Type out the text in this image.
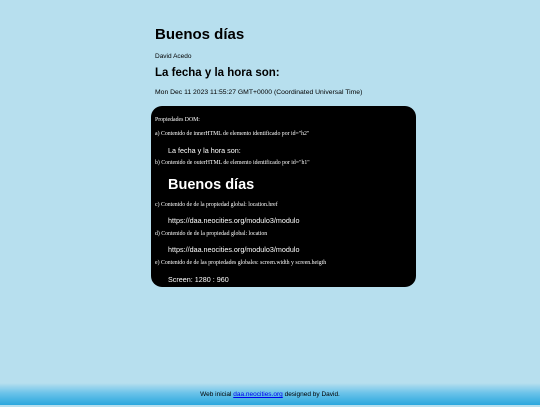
Buenos días
David Acedo
La fecha y la hora son:
Mon Dec 11 2023 11:55:27 GMT+0000 (Coordinated Universal Time)
Propiedades DOM:
a) Contenido de innerHTML de elemento identificado por id="h2"
La fecha y la hora son:
b) Contenido de outerHTML de elemento identificado por id="h1"
Buenos días
c) Contenido de de la propiedad global: location.href
https://daa.neocities.org/modulo3/modulo
d) Contenido de de la propiedad global: location
https://daa.neocities.org/modulo3/modulo
e) Contenido de de las propiedades globales: screen.width y screen.heigth
Screen: 1280 : 960
Web inicial daa.neocities.org designed by David.
